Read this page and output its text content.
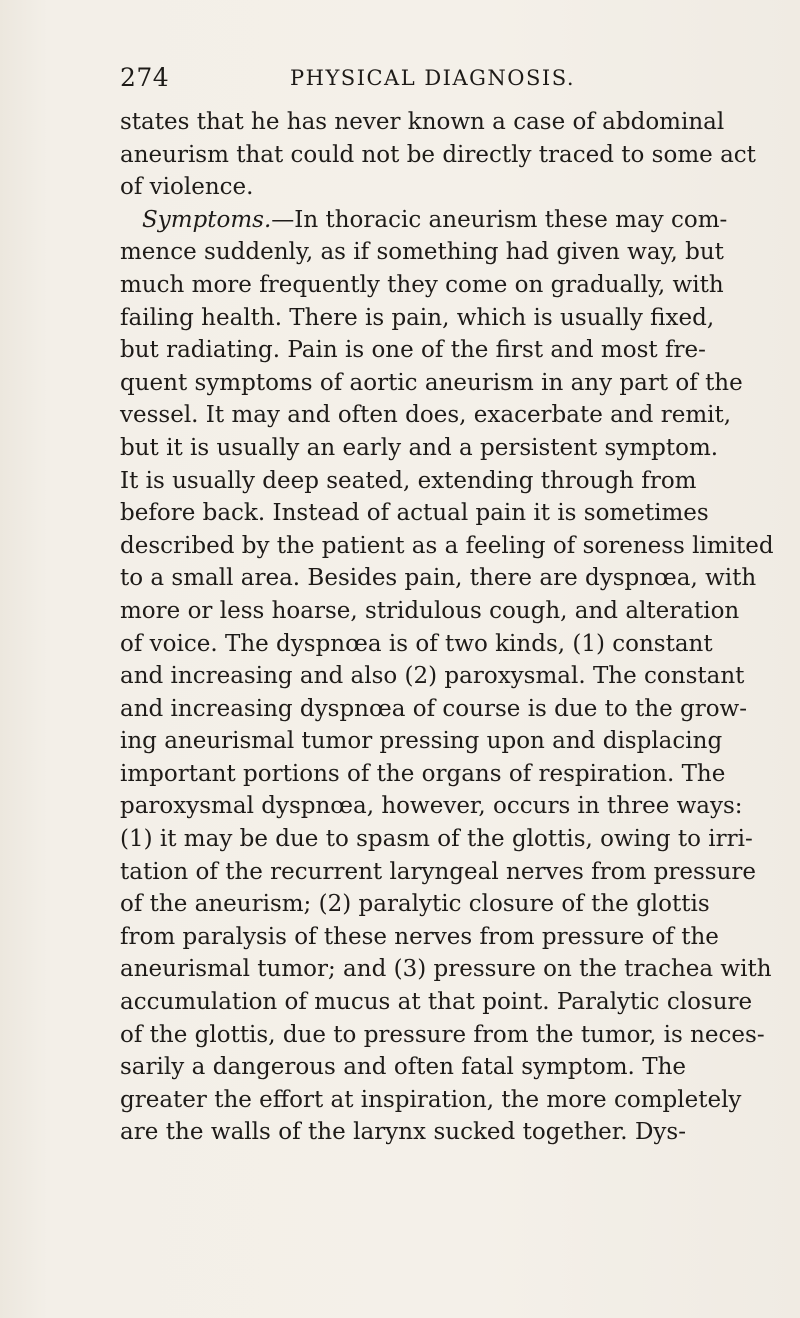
274	PHYSICAL DIAGNOSIS.
states that he has never known a case of abdominal
aneurism that could not be directly traced to some act
of violence.
Symptoms.—In thoracic aneurism these may com-
mence suddenly, as if something had given way, but
much more frequently they come on gradually, with
failing health. There is pain, which is usually fixed,
but radiating. Pain is one of the first and most fre-
quent symptoms of aortic aneurism in any part of the
vessel. It may and often does, exacerbate and remit,
but it is usually an early and a persistent symptom.
It is usually deep seated, extending through from
before back. Instead of actual pain it is sometimes
described by the patient as a feeling of soreness limited
to a small area. Besides pain, there are dyspnœa, with
more or less hoarse, stridulous cough, and alteration
of voice. The dyspnœa is of two kinds, (1) constant
and increasing and also (2) paroxysmal. The constant
and increasing dyspnœa of course is due to the grow-
ing aneurismal tumor pressing upon and displacing
important portions of the organs of respiration. The
paroxysmal dyspnœa, however, occurs in three ways:
(1) it may be due to spasm of the glottis, owing to irri-
tation of the recurrent laryngeal nerves from pressure
of the aneurism; (2) paralytic closure of the glottis
from paralysis of these nerves from pressure of the
aneurismal tumor; and (3) pressure on the trachea with
accumulation of mucus at that point. Paralytic closure
of the glottis, due to pressure from the tumor, is neces-
sarily a dangerous and often fatal symptom. The
greater the effort at inspiration, the more completely
are the walls of the larynx sucked together. Dys-
